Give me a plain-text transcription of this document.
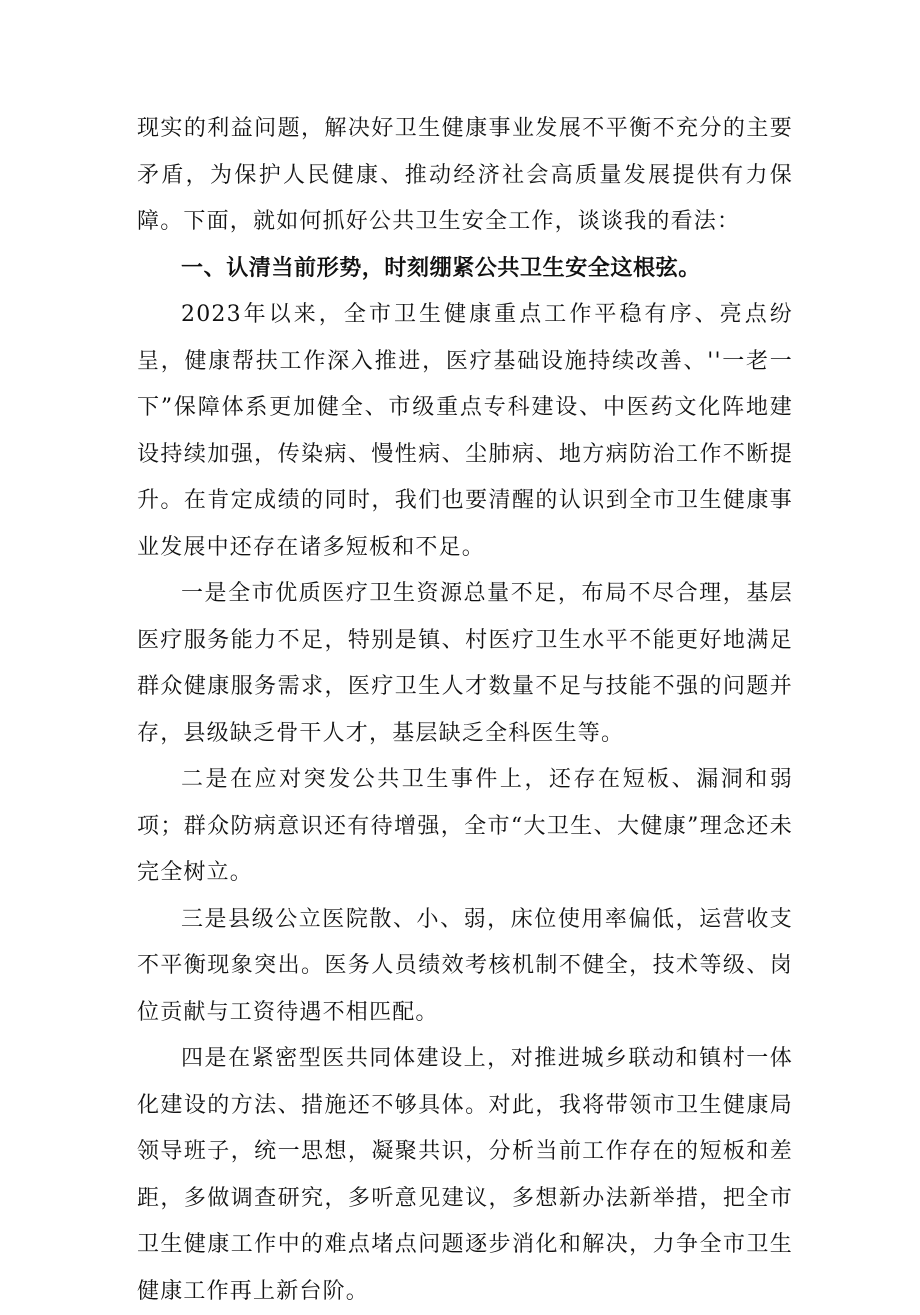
现实的利益问题，解决好卫生健康事业发展不平衡不充分的主要矛盾，为保护人民健康、推动经济社会高质量发展提供有力保障。下面，就如何抓好公共卫生安全工作，谈谈我的看法：

一、认清当前形势，时刻绷紧公共卫生安全这根弦。

2023年以来，全市卫生健康重点工作平稳有序、亮点纷呈，健康帮扶工作深入推进，医疗基础设施持续改善、''一老一下”保障体系更加健全、市级重点专科建设、中医药文化阵地建设持续加强，传染病、慢性病、尘肺病、地方病防治工作不断提升。在肯定成绩的同时，我们也要清醒的认识到全市卫生健康事业发展中还存在诸多短板和不足。

一是全市优质医疗卫生资源总量不足，布局不尽合理，基层医疗服务能力不足，特别是镇、村医疗卫生水平不能更好地满足群众健康服务需求，医疗卫生人才数量不足与技能不强的问题并存，县级缺乏骨干人才，基层缺乏全科医生等。

二是在应对突发公共卫生事件上，还存在短板、漏洞和弱项；群众防病意识还有待增强，全市“大卫生、大健康”理念还未完全树立。

三是县级公立医院散、小、弱，床位使用率偏低，运营收支不平衡现象突出。医务人员绩效考核机制不健全，技术等级、岗位贡献与工资待遇不相匹配。

四是在紧密型医共同体建设上，对推进城乡联动和镇村一体化建设的方法、措施还不够具体。对此，我将带领市卫生健康局领导班子，统一思想，凝聚共识，分析当前工作存在的短板和差距，多做调查研究，多听意见建议，多想新办法新举措，把全市卫生健康工作中的难点堵点问题逐步消化和解决，力争全市卫生健康工作再上新台阶。
